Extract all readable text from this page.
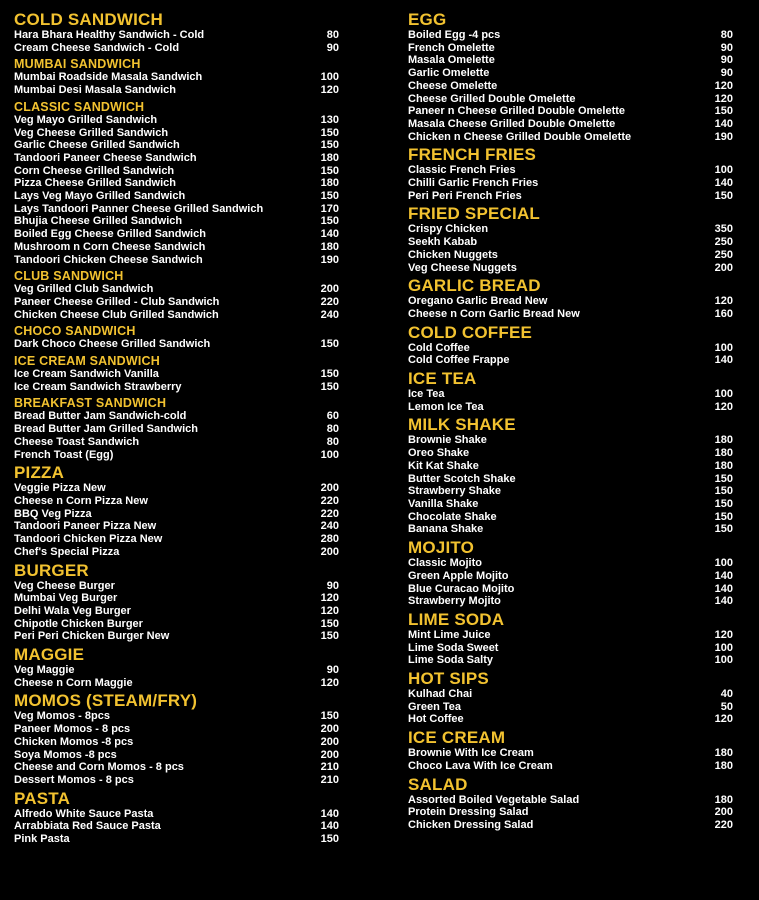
COLD SANDWICH
Hara Bhara Healthy Sandwich - Cold	80
Cream Cheese Sandwich - Cold	90
MUMBAI SANDWICH
Mumbai Roadside Masala Sandwich	100
Mumbai Desi Masala Sandwich	120
CLASSIC SANDWICH
Veg Mayo Grilled Sandwich	130
Veg Cheese Grilled Sandwich	150
Garlic Cheese Grilled Sandwich	150
Tandoori Paneer Cheese Sandwich	180
Corn Cheese Grilled Sandwich	150
Pizza Cheese Grilled Sandwich	180
Lays Veg Mayo Grilled Sandwich	150
Lays Tandoori Panner Cheese Grilled Sandwich	170
Bhujia Cheese Grilled Sandwich	150
Boiled Egg Cheese Grilled Sandwich	140
Mushroom n Corn Cheese Sandwich	180
Tandoori Chicken Cheese Sandwich	190
CLUB SANDWICH
Veg Grilled Club Sandwich	200
Paneer Cheese Grilled - Club Sandwich	220
Chicken Cheese Club Grilled Sandwich	240
CHOCO SANDWICH
Dark Choco Cheese Grilled Sandwich	150
ICE CREAM SANDWICH
Ice Cream Sandwich Vanilla	150
Ice Cream Sandwich Strawberry	150
BREAKFAST SANDWICH
Bread Butter Jam Sandwich-cold	60
Bread Butter Jam Grilled Sandwich	80
Cheese Toast Sandwich	80
French Toast (Egg)	100
PIZZA
Veggie Pizza New	200
Cheese n Corn Pizza New	220
BBQ Veg Pizza	220
Tandoori Paneer Pizza New	240
Tandoori Chicken Pizza New	280
Chef's Special Pizza	200
BURGER
Veg Cheese Burger	90
Mumbai Veg Burger	120
Delhi Wala Veg Burger	120
Chipotle Chicken Burger	150
Peri Peri Chicken Burger New	150
MAGGIE
Veg Maggie	90
Cheese n Corn Maggie	120
MOMOS (STEAM/FRY)
Veg Momos - 8pcs	150
Paneer Momos - 8 pcs	200
Chicken Momos -8 pcs	200
Soya Momos -8 pcs	200
Cheese and Corn Momos - 8 pcs	210
Dessert Momos - 8 pcs	210
PASTA
Alfredo White Sauce Pasta	140
Arrabbiata Red Sauce Pasta	140
Pink Pasta	150
EGG
Boiled Egg -4 pcs	80
French Omelette	90
Masala Omelette	90
Garlic Omelette	90
Cheese Omelette	120
Cheese Grilled Double Omelette	120
Paneer n Cheese Grilled Double Omelette	150
Masala Cheese Grilled Double Omelette	140
Chicken n Cheese Grilled Double Omelette	190
FRENCH FRIES
Classic French Fries	100
Chilli Garlic French Fries	140
Peri Peri French Fries	150
FRIED SPECIAL
Crispy Chicken	350
Seekh Kabab	250
Chicken Nuggets	250
Veg Cheese Nuggets	200
GARLIC BREAD
Oregano Garlic Bread New	120
Cheese n Corn Garlic Bread New	160
COLD COFFEE
Cold Coffee	100
Cold Coffee Frappe	140
ICE TEA
Ice Tea	100
Lemon Ice Tea	120
MILK SHAKE
Brownie Shake	180
Oreo Shake	180
Kit Kat Shake	180
Butter Scotch Shake	150
Strawberry Shake	150
Vanilla Shake	150
Chocolate Shake	150
Banana Shake	150
MOJITO
Classic Mojito	100
Green Apple Mojito	140
Blue Curacao Mojito	140
Strawberry Mojito	140
LIME SODA
Mint Lime Juice	120
Lime Soda Sweet	100
Lime Soda Salty	100
HOT SIPS
Kulhad Chai	40
Green Tea	50
Hot Coffee	120
ICE CREAM
Brownie With Ice Cream	180
Choco Lava With Ice Cream	180
SALAD
Assorted Boiled Vegetable Salad	180
Protein Dressing Salad	200
Chicken Dressing Salad	220
